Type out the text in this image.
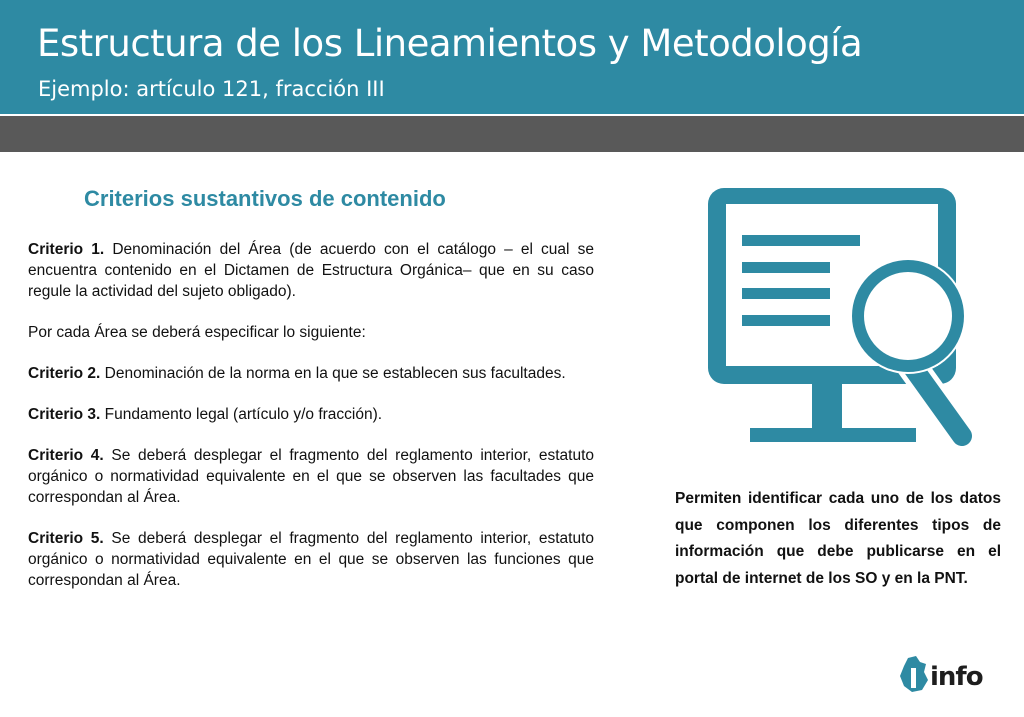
Estructura de los Lineamientos y Metodología
Ejemplo: artículo 121, fracción III
Criterios sustantivos de contenido

Criterio 1. Denominación del Área (de acuerdo con el catálogo – el cual se encuentra contenido en el Dictamen de Estructura Orgánica– que en su caso regule la actividad del sujeto obligado).

Por cada Área se deberá especificar lo siguiente:

Criterio 2. Denominación de la norma en la que se establecen sus facultades.

Criterio 3. Fundamento legal (artículo y/o fracción).

Criterio 4. Se deberá desplegar el fragmento del reglamento interior, estatuto orgánico o normatividad equivalente en el que se observen las facultades que correspondan al Área.

Criterio 5. Se deberá desplegar el fragmento del reglamento interior, estatuto orgánico o normatividad equivalente en el que se observen las funciones que correspondan al Área.

Permiten identificar cada uno de los datos que componen los diferentes tipos de información que debe publicarse en el portal de internet de los SO y en la PNT.
info
